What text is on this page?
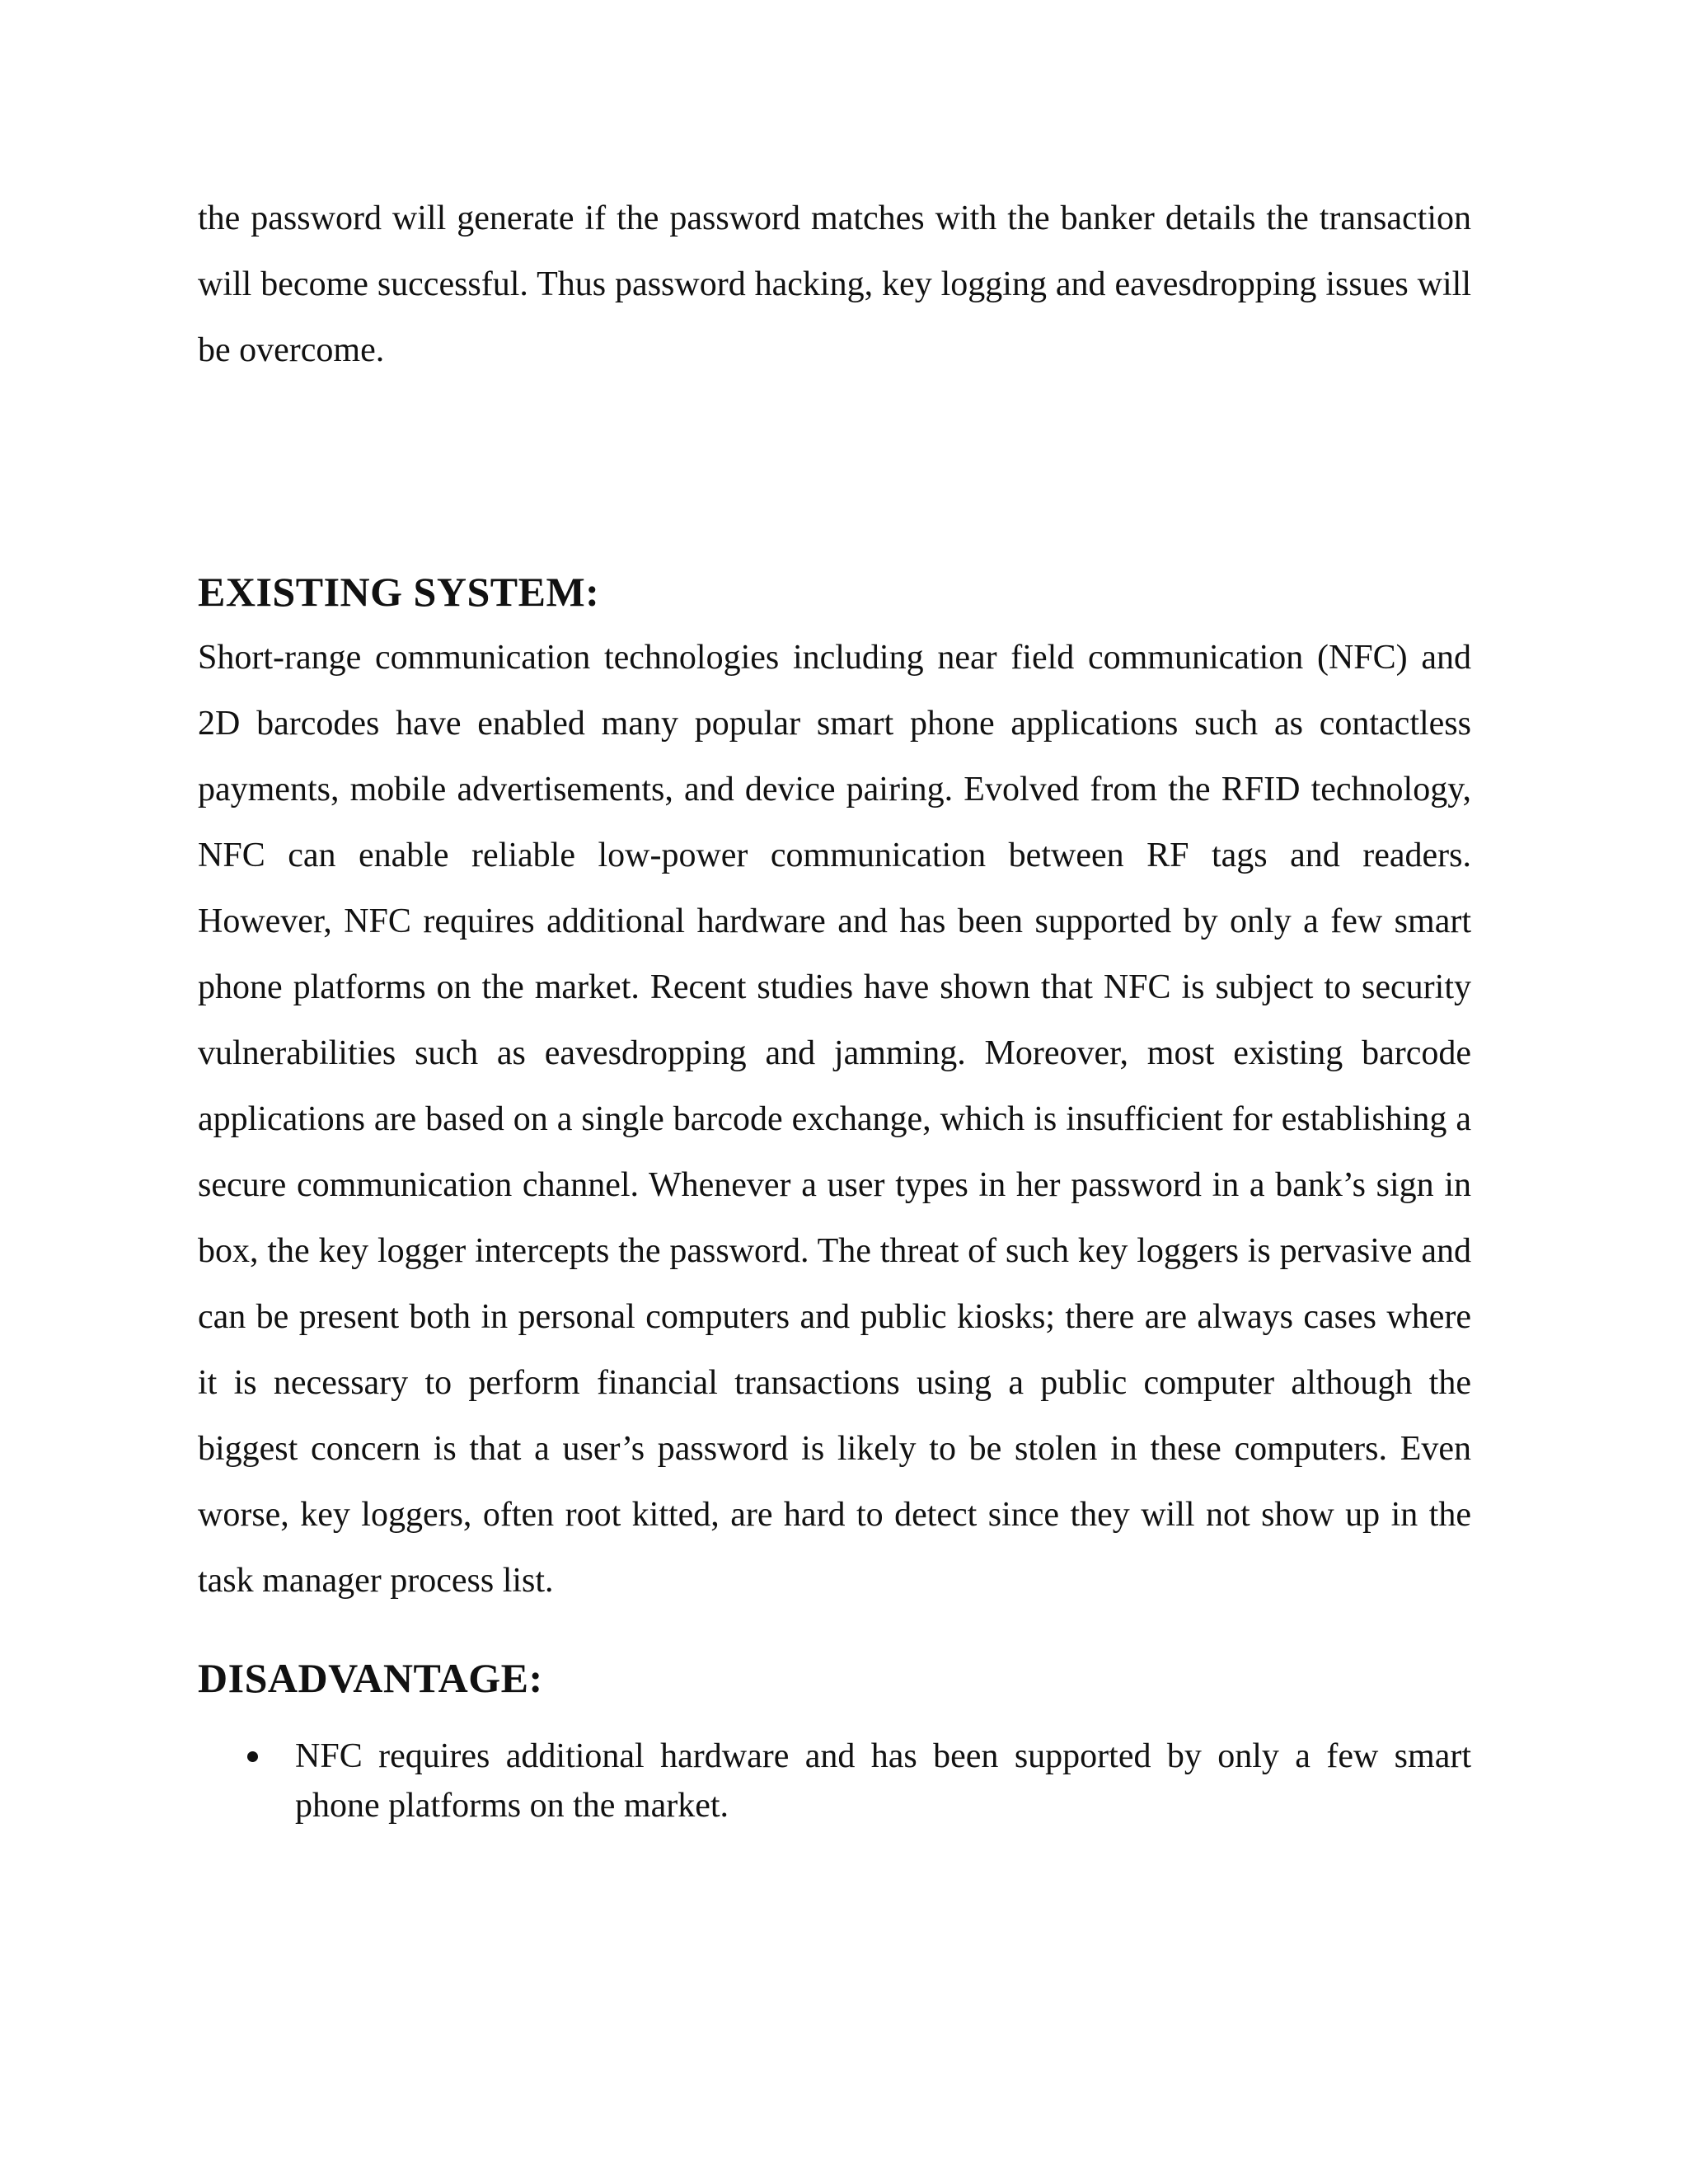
the password will generate if the password matches with the banker details the transaction will become successful. Thus password hacking, key logging and eavesdropping issues will be overcome.

EXISTING SYSTEM:

Short-range communication technologies including near field communication (NFC) and 2D barcodes have enabled many popular smart phone applications such as contactless payments, mobile advertisements, and device pairing. Evolved from the RFID technology, NFC can enable reliable low-power communication between RF tags and readers. However, NFC requires additional hardware and has been supported by only a few smart phone platforms on the market. Recent studies have shown that NFC is subject to security vulnerabilities such as eavesdropping and jamming. Moreover, most existing barcode applications are based on a single barcode exchange, which is insufficient for establishing a secure communication channel. Whenever a user types in her password in a bank’s sign in box, the key logger intercepts the password. The threat of such key loggers is pervasive and can be present both in personal computers and public kiosks; there are always cases where it is necessary to perform financial transactions using a public computer although the biggest concern is that a user’s password is likely to be stolen in these computers. Even worse, key loggers, often root kitted, are hard to detect since they will not show up in the task manager process list.

DISADVANTAGE:
NFC requires additional hardware and has been supported by only a few smart phone platforms on the market.
